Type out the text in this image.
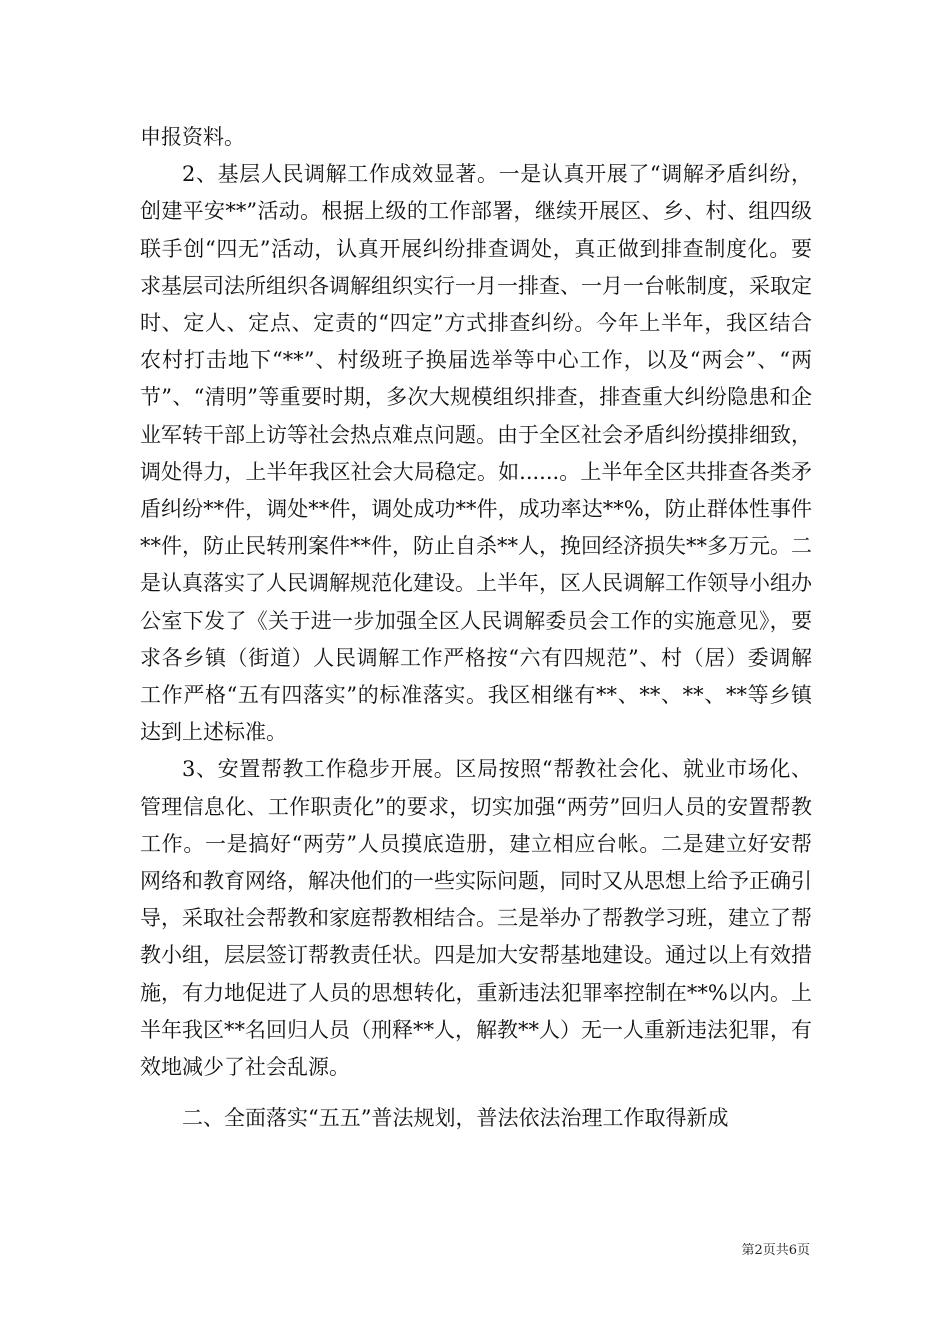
申报资料。

2、基层人民调解工作成效显著。一是认真开展了“调解矛盾纠纷，创建平安**”活动。根据上级的工作部署，继续开展区、乡、村、组四级联手创“四无”活动，认真开展纠纷排查调处，真正做到排查制度化。要求基层司法所组织各调解组织实行一月一排查、一月一台帐制度，采取定时、定人、定点、定责的“四定”方式排查纠纷。今年上半年，我区结合农村打击地下“**”、村级班子换届选举等中心工作，以及“两会”、“两节”、“清明”等重要时期，多次大规模组织排查，排查重大纠纷隐患和企业军转干部上访等社会热点难点问题。由于全区社会矛盾纠纷摸排细致，调处得力，上半年我区社会大局稳定。如......。上半年全区共排查各类矛盾纠纷**件，调处**件，调处成功**件，成功率达**%，防止群体性事件**件，防止民转刑案件**件，防止自杀**人，挽回经济损失**多万元。二是认真落实了人民调解规范化建设。上半年，区人民调解工作领导小组办公室下发了《关于进一步加强全区人民调解委员会工作的实施意见》，要求各乡镇（街道）人民调解工作严格按“六有四规范”、村（居）委调解工作严格“五有四落实”的标准落实。我区相继有**、**、**、**等乡镇达到上述标准。

3、安置帮教工作稳步开展。区局按照“帮教社会化、就业市场化、管理信息化、工作职责化”的要求，切实加强“两劳”回归人员的安置帮教工作。一是搞好“两劳”人员摸底造册，建立相应台帐。二是建立好安帮网络和教育网络，解决他们的一些实际问题，同时又从思想上给予正确引导，采取社会帮教和家庭帮教相结合。三是举办了帮教学习班，建立了帮教小组，层层签订帮教责任状。四是加大安帮基地建设。通过以上有效措施，有力地促进了人员的思想转化，重新违法犯罪率控制在**%以内。上半年我区**名回归人员（刑释**人，解教**人）无一人重新违法犯罪，有效地减少了社会乱源。

二、全面落实“五五”普法规划，普法依法治理工作取得新成

第2页共6页
